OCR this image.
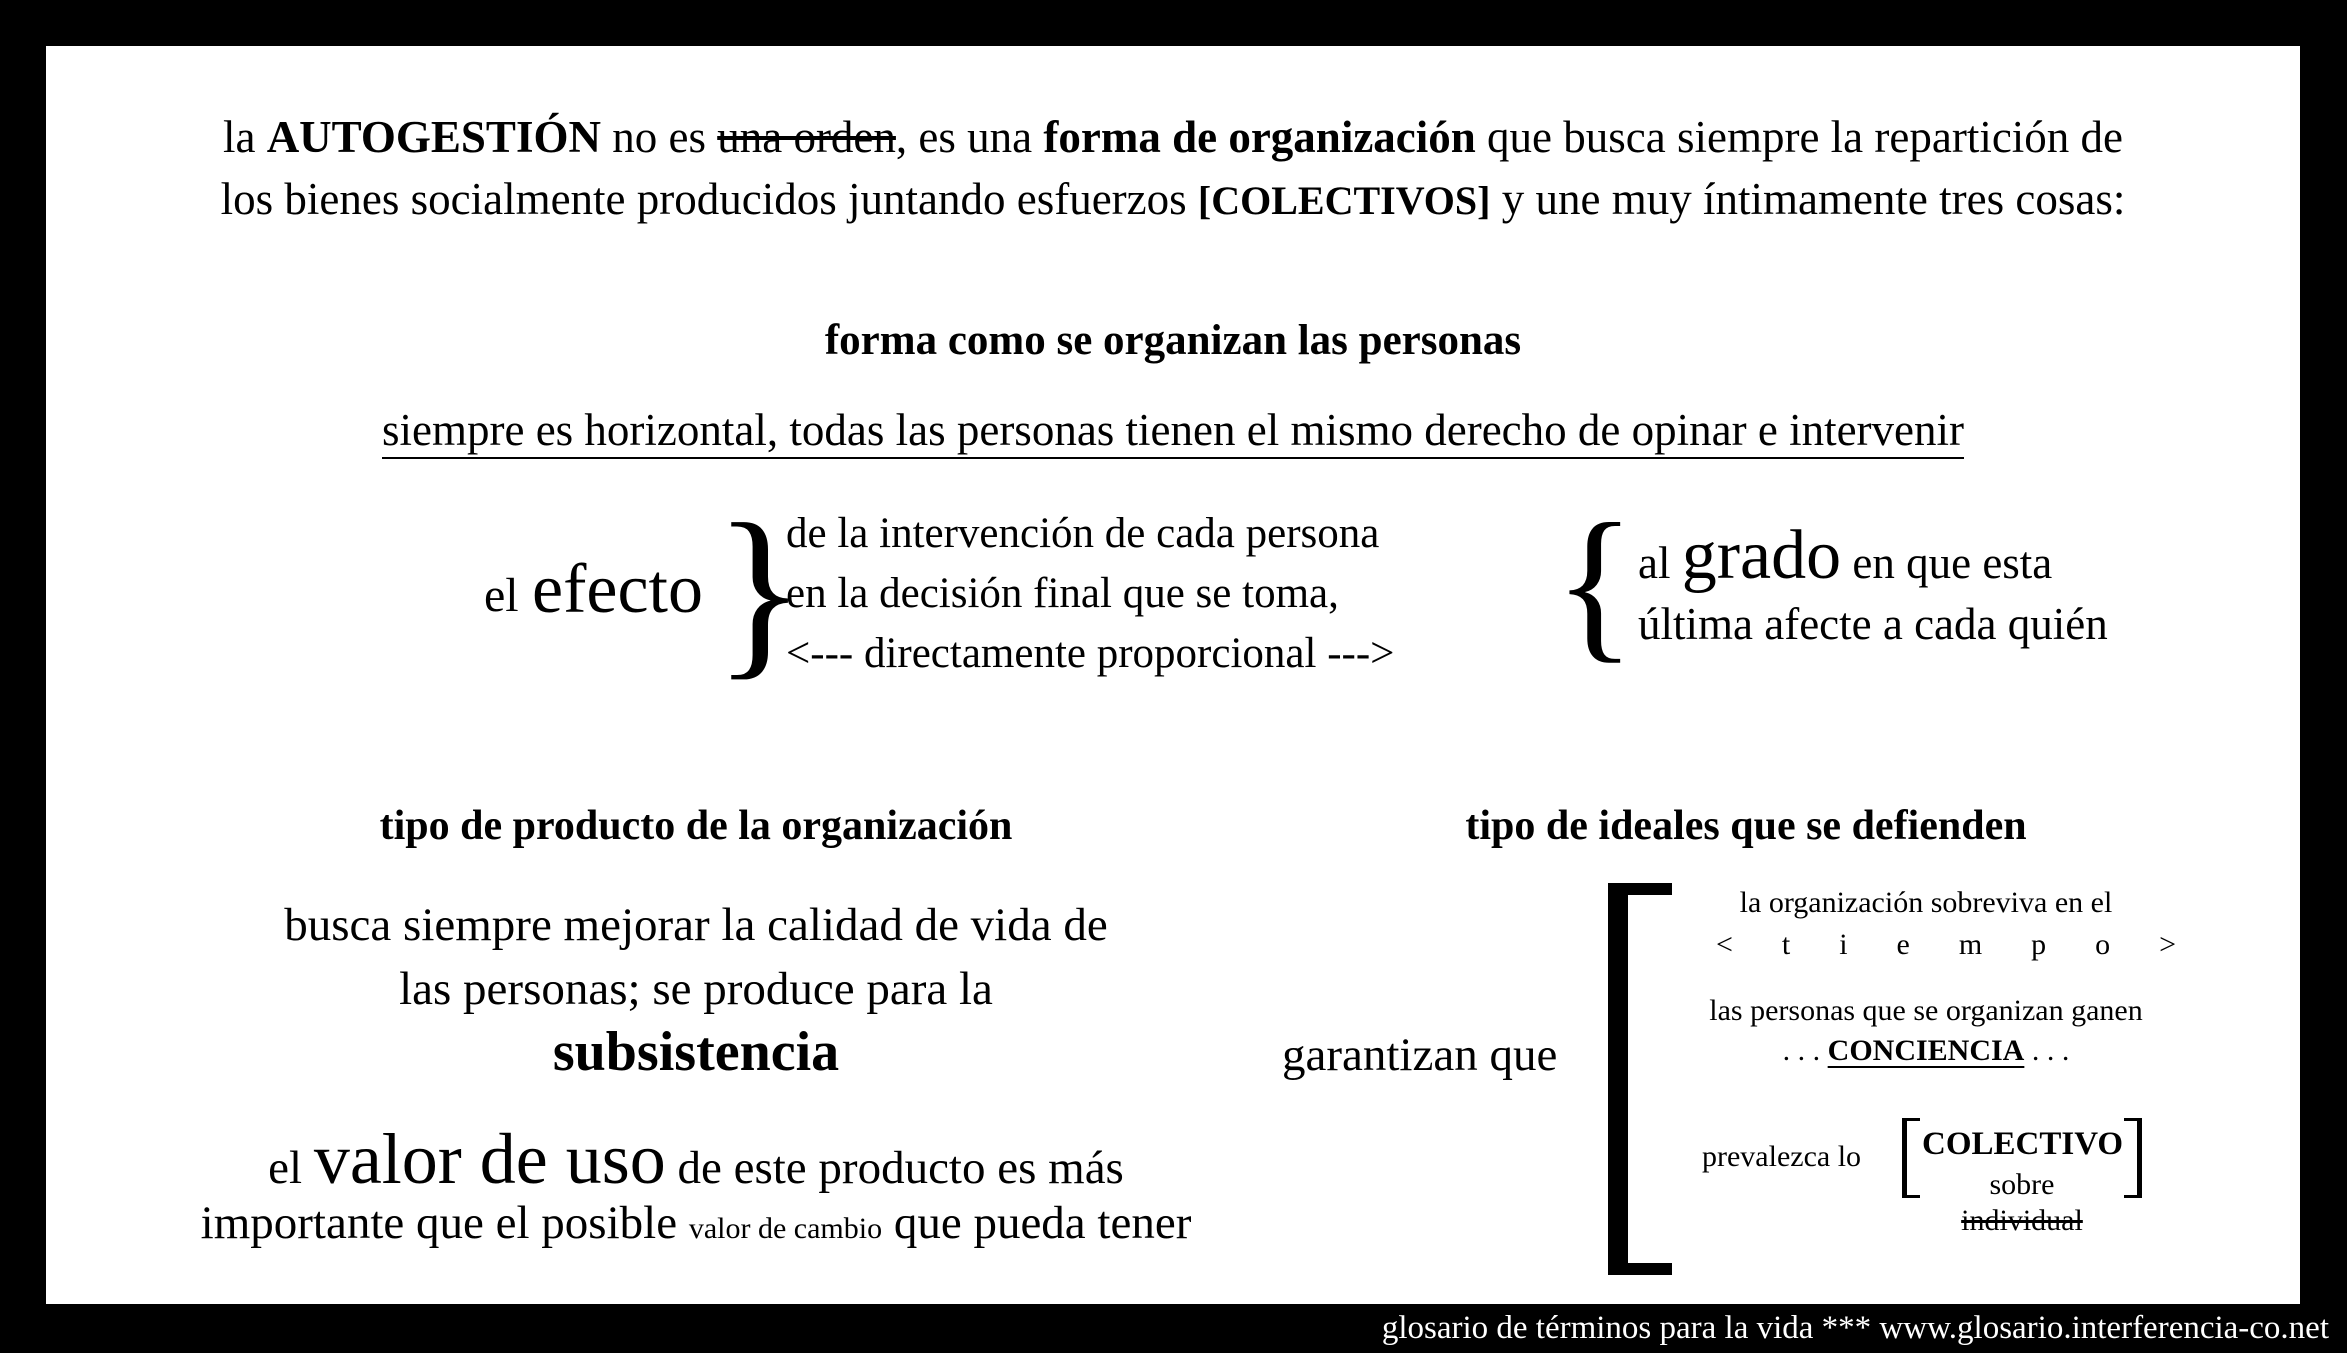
la AUTOGESTIÓN no es una orden, es una forma de organización que busca siempre la repartición de
los bienes socialmente producidos juntando esfuerzos [COLECTIVOS] y une muy íntimamente tres cosas:
forma como se organizan las personas
siempre es horizontal, todas las personas tienen el mismo derecho de opinar e intervenir
el efecto }
de la intervención de cada persona
en la decisión final que se toma,
<--- directamente proporcional ---> { al grado en que esta
última afecte a cada quién
tipo de producto de la organización	tipo de ideales que se defienden
busca siempre mejorar la calidad de vida de
las personas; se produce para la
subsistencia
el valor de uso de este producto es más
importante que el posible valor de cambio que pueda tener
garantizan que
la organización sobreviva en el
< t i e m p o >
las personas que se organizan ganen
. . . CONCIENCIA . . .
prevalezca lo COLECTIVO
sobre
individual
glosario de términos para la vida *** www.glosario.interferencia-co.net
